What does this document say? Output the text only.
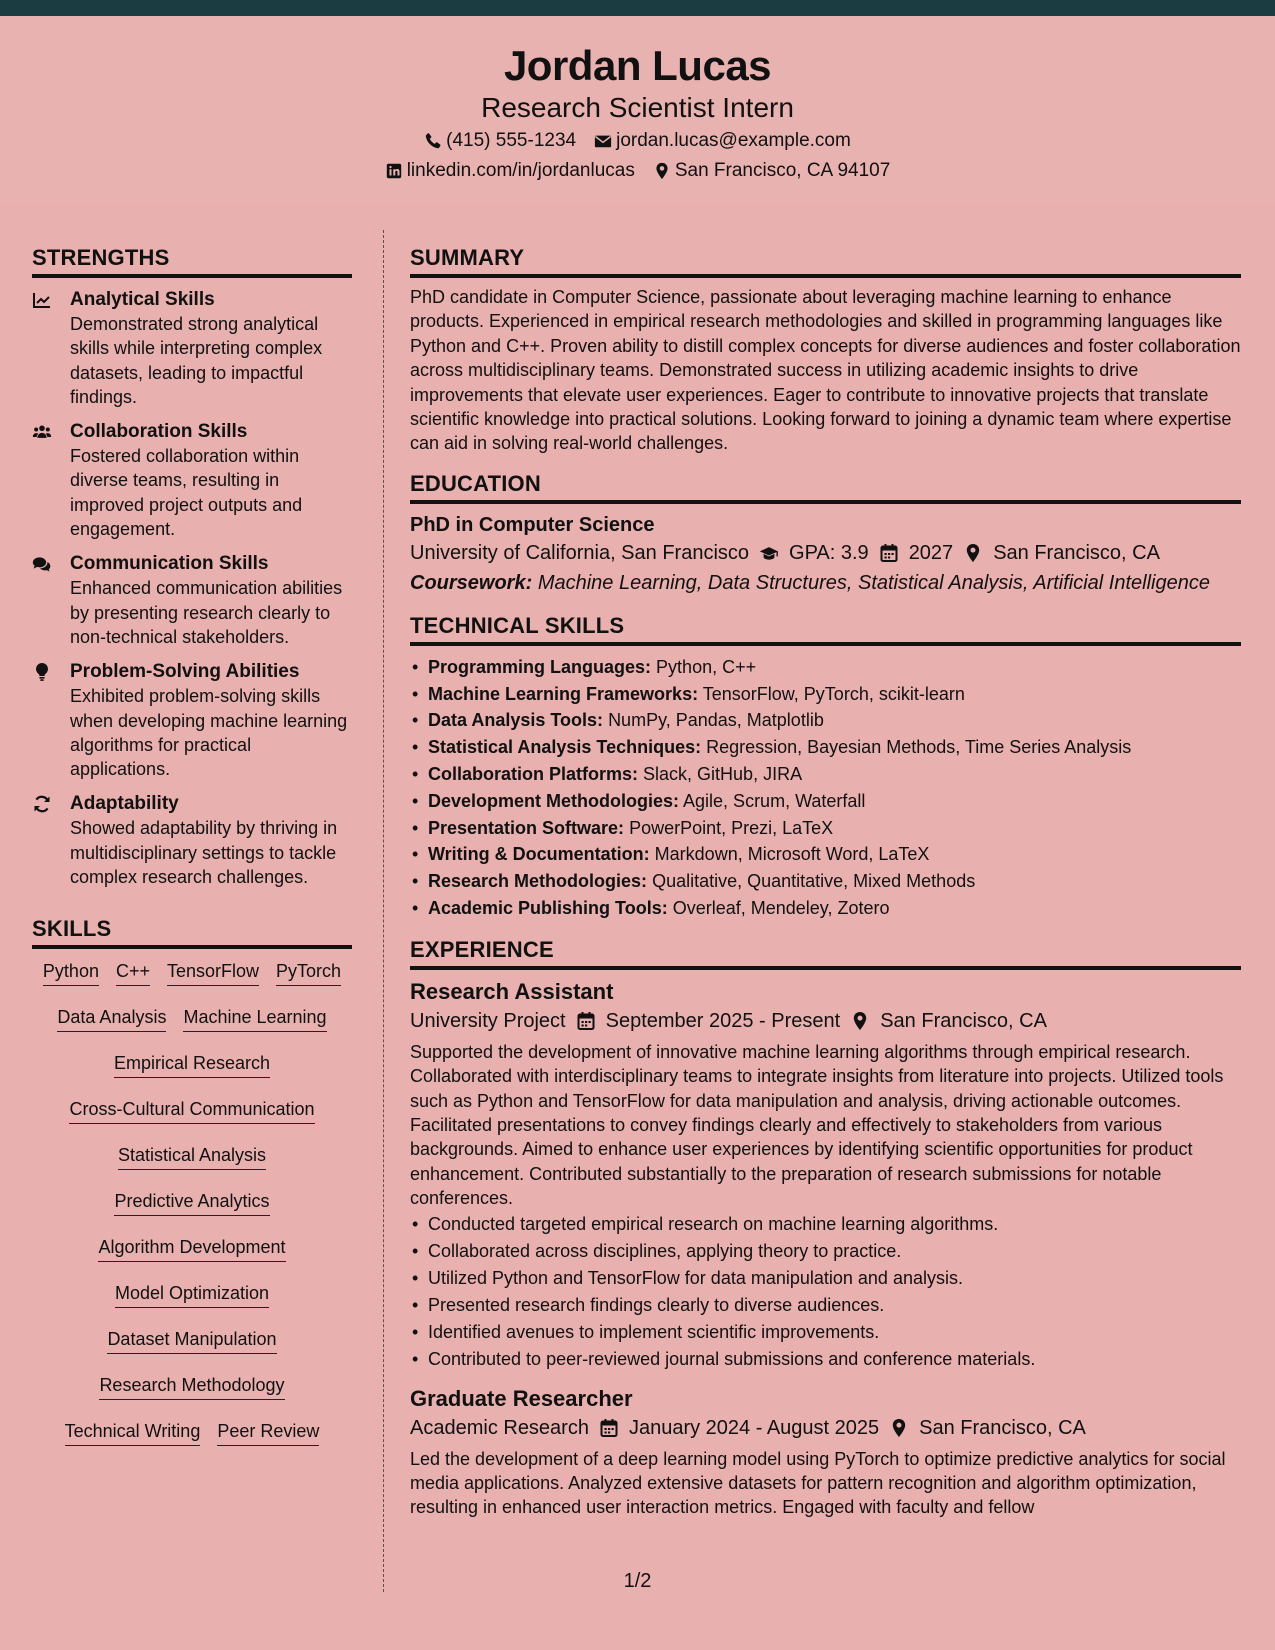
Jordan Lucas
Research Scientist Intern
(415) 555-1234 jordan.lucas@example.com
linkedin.com/in/jordanlucas San Francisco, CA 94107
STRENGTHS
Analytical Skills
Demonstrated strong analytical skills while interpreting complex datasets, leading to impactful findings.
Collaboration Skills
Fostered collaboration within diverse teams, resulting in improved project outputs and engagement.
Communication Skills
Enhanced communication abilities by presenting research clearly to non-technical stakeholders.
Problem-Solving Abilities
Exhibited problem-solving skills when developing machine learning algorithms for practical applications.
Adaptability
Showed adaptability by thriving in multidisciplinary settings to tackle complex research challenges.
SKILLS
Python C++ TensorFlow PyTorch
Data Analysis Machine Learning
Empirical Research
Cross-Cultural Communication
Statistical Analysis
Predictive Analytics
Algorithm Development
Model Optimization
Dataset Manipulation
Research Methodology
Technical Writing Peer Review
SUMMARY

PhD candidate in Computer Science, passionate about leveraging machine learning to enhance products. Experienced in empirical research methodologies and skilled in programming languages like Python and C++. Proven ability to distill complex concepts for diverse audiences and foster collaboration across multidisciplinary teams. Demonstrated success in utilizing academic insights to drive improvements that elevate user experiences. Eager to contribute to innovative projects that translate scientific knowledge into practical solutions. Looking forward to joining a dynamic team where expertise can aid in solving real-world challenges.

EDUCATION
PhD in Computer Science
University of California, San Francisco GPA: 3.9 2027 San Francisco, CA
Coursework: Machine Learning, Data Structures, Statistical Analysis, Artificial Intelligence
TECHNICAL SKILLS
• Programming Languages: Python, C++
• Machine Learning Frameworks: TensorFlow, PyTorch, scikit-learn
• Data Analysis Tools: NumPy, Pandas, Matplotlib
• Statistical Analysis Techniques: Regression, Bayesian Methods, Time Series Analysis
• Collaboration Platforms: Slack, GitHub, JIRA
• Development Methodologies: Agile, Scrum, Waterfall
• Presentation Software: PowerPoint, Prezi, LaTeX
• Writing & Documentation: Markdown, Microsoft Word, LaTeX
• Research Methodologies: Qualitative, Quantitative, Mixed Methods
• Academic Publishing Tools: Overleaf, Mendeley, Zotero
EXPERIENCE
Research Assistant
University Project September 2025 - Present San Francisco, CA

Supported the development of innovative machine learning algorithms through empirical research. Collaborated with interdisciplinary teams to integrate insights from literature into projects. Utilized tools such as Python and TensorFlow for data manipulation and analysis, driving actionable outcomes. Facilitated presentations to convey findings clearly and effectively to stakeholders from various backgrounds. Aimed to enhance user experiences by identifying scientific opportunities for product enhancement. Contributed substantially to the preparation of research submissions for notable conferences.

• Conducted targeted empirical research on machine learning algorithms.
• Collaborated across disciplines, applying theory to practice.
• Utilized Python and TensorFlow for data manipulation and analysis.
• Presented research findings clearly to diverse audiences.
• Identified avenues to implement scientific improvements.
• Contributed to peer-reviewed journal submissions and conference materials.
Graduate Researcher
Academic Research January 2024 - August 2025 San Francisco, CA

Led the development of a deep learning model using PyTorch to optimize predictive analytics for social media applications. Analyzed extensive datasets for pattern recognition and algorithm optimization, resulting in enhanced user interaction metrics. Engaged with faculty and fellow

1/2
